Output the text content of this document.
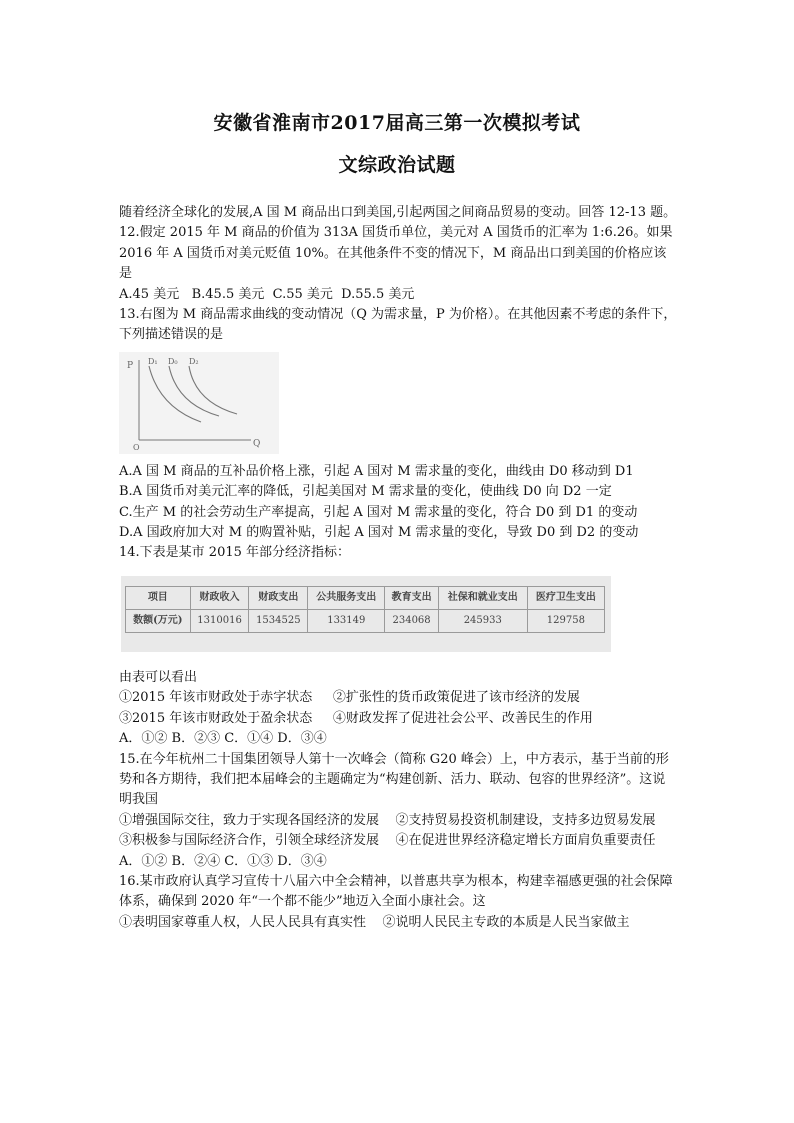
安徽省淮南市2017届高三第一次模拟考试
文综政治试题

随着经济全球化的发展,A 国 M 商品出口到美国,引起两国之间商品贸易的变动。回答 12-13 题。

12.假定 2015 年 M 商品的价值为 313A 国货币单位，美元对 A 国货币的汇率为 1:6.26。如果 2016 年 A 国货币对美元贬值 10%。在其他条件不变的情况下，M 商品出口到美国的价格应该是

A.45 美元   B.45.5 美元  C.55 美元  D.55.5 美元

13.右图为 M 商品需求曲线的变动情况（Q 为需求量，P 为价格）。在其他因素不考虑的条件下，下列描述错误的是

P
Q
O
D₁ D₀ D₂

A.A 国 M 商品的互补品价格上涨，引起 A 国对 M 需求量的变化，曲线由 D0 移动到 D1

B.A 国货币对美元汇率的降低，引起美国对 M 需求量的变化，使曲线 D0 向 D2 一定

C.生产 M 的社会劳动生产率提高，引起 A 国对 M 需求量的变化，符合 D0 到 D1 的变动

D.A 国政府加大对 M 的购置补贴，引起 A 国对 M 需求量的变化，导致 D0 到 D2 的变动

14.下表是某市 2015 年部分经济指标：

项目	财政收入	财政支出	公共服务支出	教育支出	社保和就业支出	医疗卫生支出
数额(万元)	1310016	1534525	133149	234068	245933	129758

由表可以看出

①2015 年该市财政处于赤字状态 ②扩张性的货币政策促进了该市经济的发展

③2015 年该市财政处于盈余状态 ④财政发挥了促进社会公平、改善民生的作用

A．①② B．②③ C．①④ D．③④

15.在今年杭州二十国集团领导人第十一次峰会（简称 G20 峰会）上，中方表示，基于当前的形势和各方期待，我们把本届峰会的主题确定为“构建创新、活力、联动、包容的世界经济”。这说明我国

①增强国际交往，致力于实现各国经济的发展    ②支持贸易投资机制建设，支持多边贸易发展

③积极参与国际经济合作，引领全球经济发展    ④在促进世界经济稳定增长方面肩负重要责任

A．①② B．②④ C．①③ D．③④

16.某市政府认真学习宣传十八届六中全会精神，以普惠共享为根本，构建幸福感更强的社会保障体系，确保到 2020 年“一个都不能少”地迈入全面小康社会。这

①表明国家尊重人权，人民人民具有真实性    ②说明人民民主专政的本质是人民当家做主
